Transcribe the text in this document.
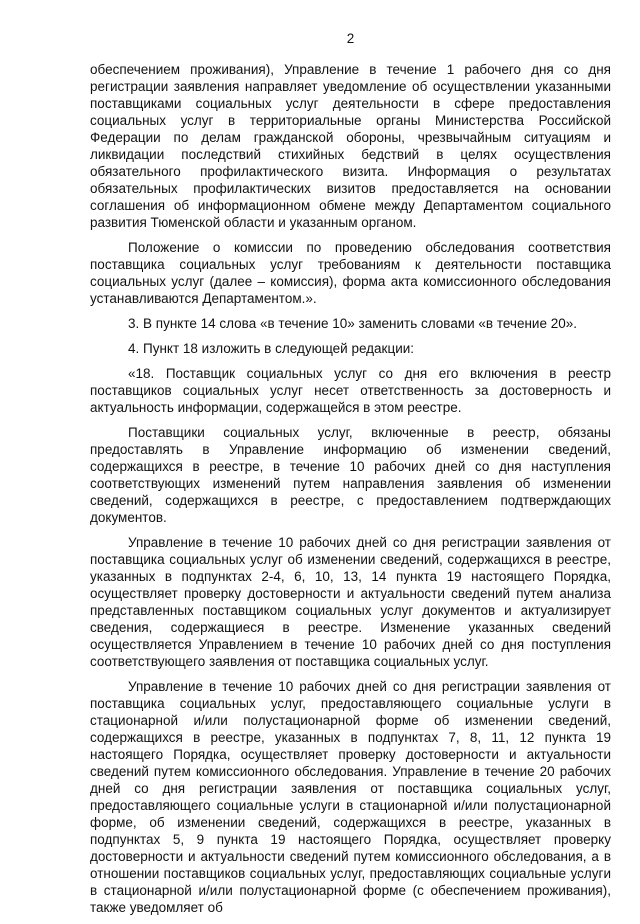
2

обеспечением проживания), Управление в течение 1 рабочего дня со дня регистрации заявления направляет уведомление об осуществлении указанными поставщиками социальных услуг деятельности в сфере предоставления социальных услуг в территориальные органы Министерства Российской Федерации по делам гражданской обороны, чрезвычайным ситуациям и ликвидации последствий стихийных бедствий в целях осуществления обязательного профилактического визита. Информация о результатах обязательных профилактических визитов предоставляется на основании соглашения об информационном обмене между Департаментом социального развития Тюменской области и указанным органом.

Положение о комиссии по проведению обследования соответствия поставщика социальных услуг требованиям к деятельности поставщика социальных услуг (далее – комиссия), форма акта комиссионного обследования устанавливаются Департаментом.».

3. В пункте 14 слова «в течение 10» заменить словами «в течение 20».

4. Пункт 18 изложить в следующей редакции:

«18. Поставщик социальных услуг со дня его включения в реестр поставщиков социальных услуг несет ответственность за достоверность и актуальность информации, содержащейся в этом реестре.

Поставщики социальных услуг, включенные в реестр, обязаны предоставлять в Управление информацию об изменении сведений, содержащихся в реестре, в течение 10 рабочих дней со дня наступления соответствующих изменений путем направления заявления об изменении сведений, содержащихся в реестре, с предоставлением подтверждающих документов.

Управление в течение 10 рабочих дней со дня регистрации заявления от поставщика социальных услуг об изменении сведений, содержащихся в реестре, указанных в подпунктах 2-4, 6, 10, 13, 14 пункта 19 настоящего Порядка, осуществляет проверку достоверности и актуальности сведений путем анализа представленных поставщиком социальных услуг документов и актуализирует сведения, содержащиеся в реестре. Изменение указанных сведений осуществляется Управлением в течение 10 рабочих дней со дня поступления соответствующего заявления от поставщика социальных услуг.

Управление в течение 10 рабочих дней со дня регистрации заявления от поставщика социальных услуг, предоставляющего социальные услуги в стационарной и/или полустационарной форме об изменении сведений, содержащихся в реестре, указанных в подпунктах 7, 8, 11, 12 пункта 19 настоящего Порядка, осуществляет проверку достоверности и актуальности сведений путем комиссионного обследования. Управление в течение 20 рабочих дней со дня регистрации заявления от поставщика социальных услуг, предоставляющего социальные услуги в стационарной и/или полустационарной форме, об изменении сведений, содержащихся в реестре, указанных в подпунктах 5, 9 пункта 19 настоящего Порядка, осуществляет проверку достоверности и актуальности сведений путем комиссионного обследования, а в отношении поставщиков социальных услуг, предоставляющих социальные услуги в стационарной и/или полустационарной форме (с обеспечением проживания), также уведомляет об
